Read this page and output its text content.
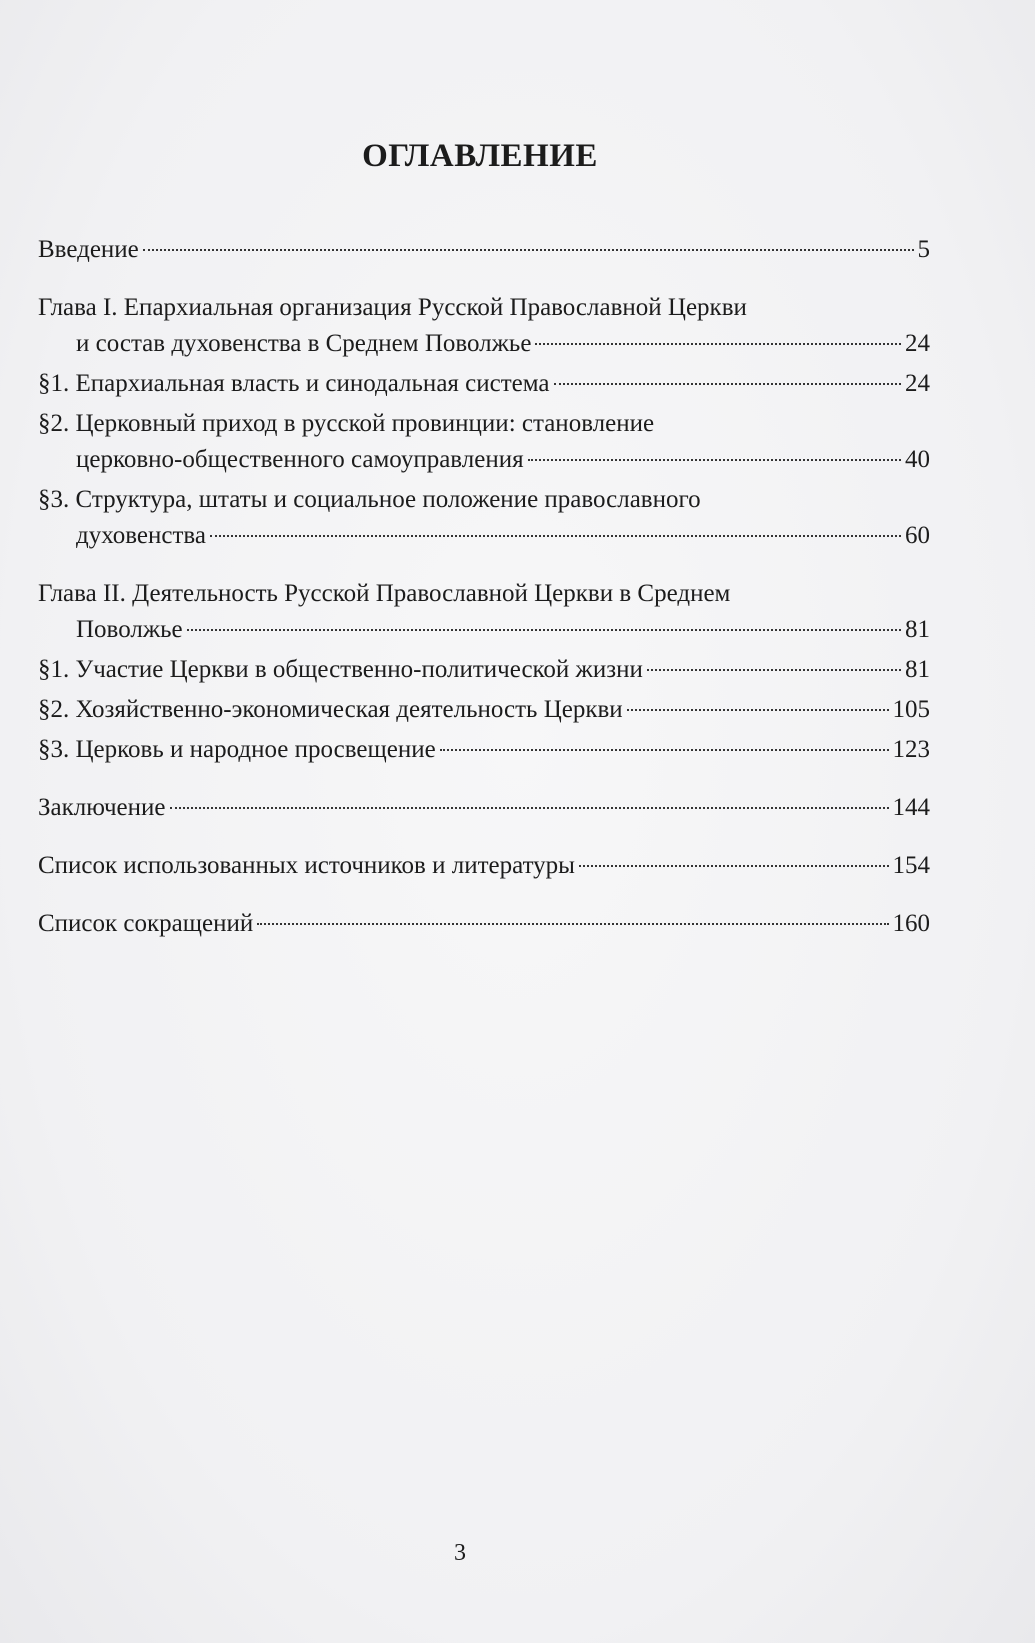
ОГЛАВЛЕНИЕ
Введение	5
Глава I. Епархиальная организация Русской Православной Церкви
и состав духовенства в Среднем Поволжье	24
§1. Епархиальная власть и синодальная система	24
§2. Церковный приход в русской провинции: становление
церковно-общественного самоуправления	40
§3. Структура, штаты и социальное положение православного
духовенства	60
Глава II. Деятельность Русской Православной Церкви в Среднем
Поволжье	81
§1. Участие Церкви в общественно-политической жизни	81
§2. Хозяйственно-экономическая деятельность Церкви	105
§3. Церковь и народное просвещение	123
Заключение	144
Список использованных источников и литературы	154
Список сокращений	160
3
